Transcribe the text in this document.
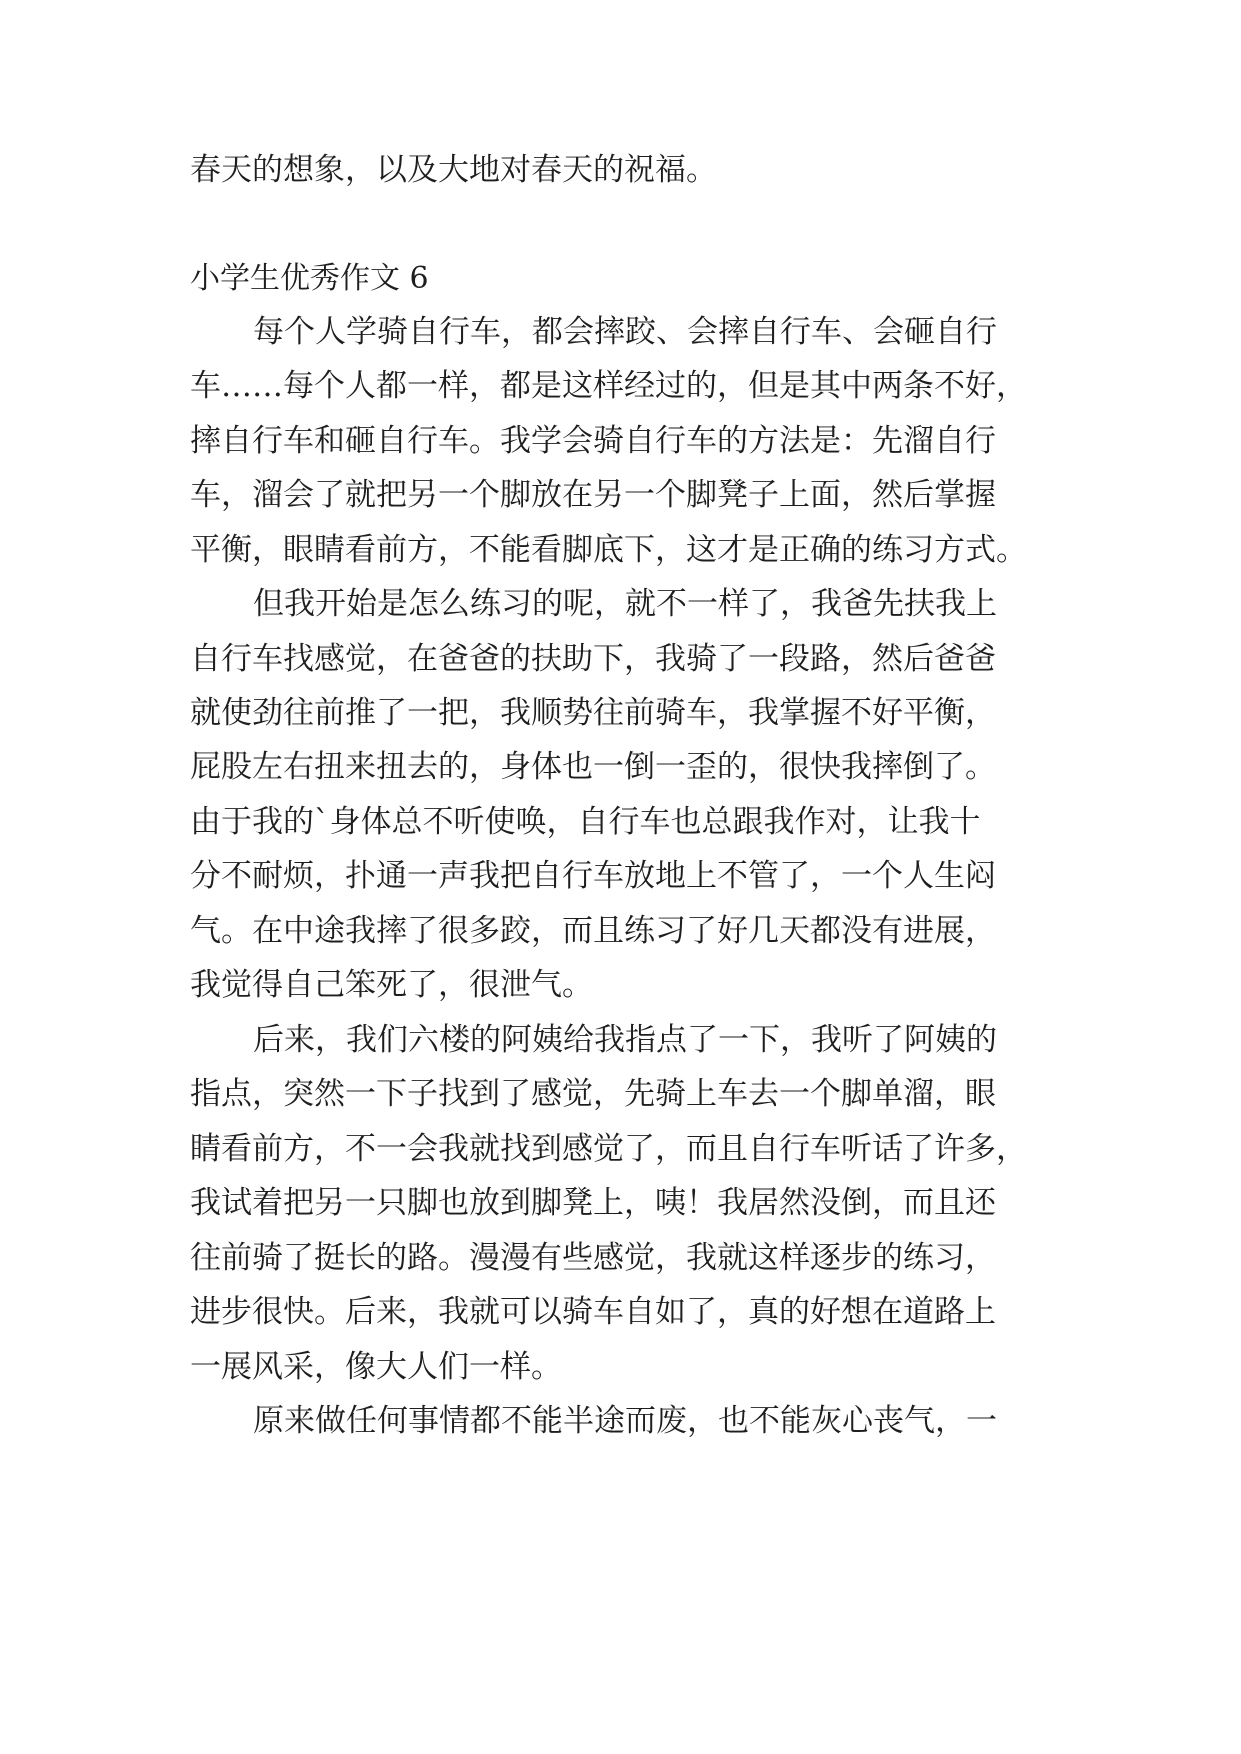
春天的想象，以及大地对春天的祝福。

小学生优秀作文 6

每个人学骑自行车，都会摔跤、会摔自行车、会砸自行

车……每个人都一样，都是这样经过的，但是其中两条不好，

摔自行车和砸自行车。我学会骑自行车的方法是：先溜自行

车，溜会了就把另一个脚放在另一个脚凳子上面，然后掌握

平衡，眼睛看前方，不能看脚底下，这才是正确的练习方式。

但我开始是怎么练习的呢，就不一样了，我爸先扶我上

自行车找感觉，在爸爸的扶助下，我骑了一段路，然后爸爸

就使劲往前推了一把，我顺势往前骑车，我掌握不好平衡，

屁股左右扭来扭去的，身体也一倒一歪的，很快我摔倒了。

由于我的`身体总不听使唤，自行车也总跟我作对，让我十

分不耐烦，扑通一声我把自行车放地上不管了，一个人生闷

气。在中途我摔了很多跤，而且练习了好几天都没有进展，

我觉得自己笨死了，很泄气。

后来，我们六楼的阿姨给我指点了一下，我听了阿姨的

指点，突然一下子找到了感觉，先骑上车去一个脚单溜，眼

睛看前方，不一会我就找到感觉了，而且自行车听话了许多，

我试着把另一只脚也放到脚凳上，咦！我居然没倒，而且还

往前骑了挺长的路。漫漫有些感觉，我就这样逐步的练习，

进步很快。后来，我就可以骑车自如了，真的好想在道路上

一展风采，像大人们一样。

原来做任何事情都不能半途而废，也不能灰心丧气，一
